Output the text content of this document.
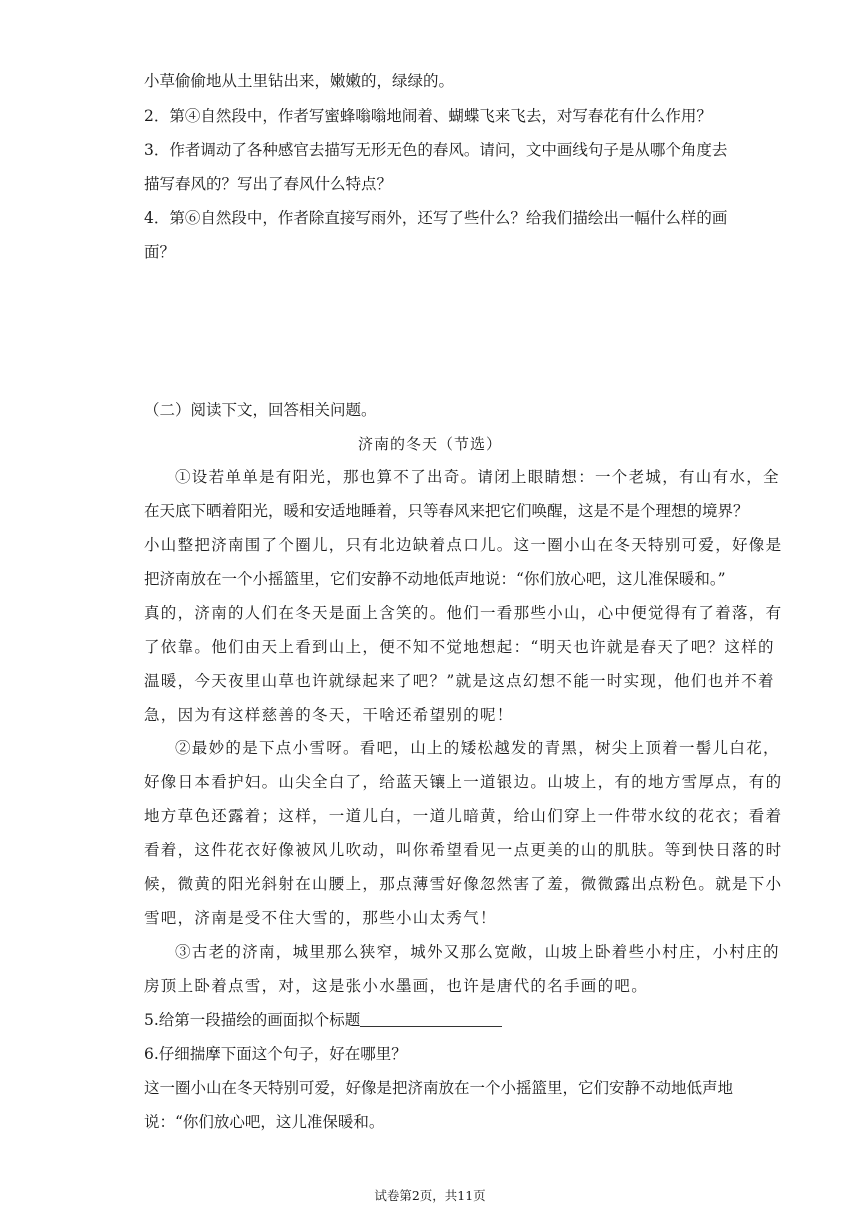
小草偷偷地从土里钻出来，嫩嫩的，绿绿的。
2．第④自然段中，作者写蜜蜂嗡嗡地闹着、蝴蝶飞来飞去，对写春花有什么作用？
3．作者调动了各种感官去描写无形无色的春风。请问，文中画线句子是从哪个角度去
描写春风的？写出了春风什么特点？
4．第⑥自然段中，作者除直接写雨外，还写了些什么？给我们描绘出一幅什么样的画
面？
（二）阅读下文，回答相关问题。
济南的冬天（节选）
①设若单单是有阳光，那也算不了出奇。请闭上眼睛想：一个老城，有山有水，全
在天底下晒着阳光，暖和安适地睡着，只等春风来把它们唤醒，这是不是个理想的境界？
小山整把济南围了个圈儿，只有北边缺着点口儿。这一圈小山在冬天特别可爱，好像是
把济南放在一个小摇篮里，它们安静不动地低声地说：“你们放心吧，这儿准保暖和。”
真的，济南的人们在冬天是面上含笑的。他们一看那些小山，心中便觉得有了着落，有
了依靠。他们由天上看到山上，便不知不觉地想起：“明天也许就是春天了吧？这样的
温暖，今天夜里山草也许就绿起来了吧？”就是这点幻想不能一时实现，他们也并不着
急，因为有这样慈善的冬天，干啥还希望别的呢！
②最妙的是下点小雪呀。看吧，山上的矮松越发的青黑，树尖上顶着一髻儿白花，
好像日本看护妇。山尖全白了，给蓝天镶上一道银边。山坡上，有的地方雪厚点，有的
地方草色还露着；这样，一道儿白，一道儿暗黄，给山们穿上一件带水纹的花衣；看着
看着，这件花衣好像被风儿吹动，叫你希望看见一点更美的山的肌肤。等到快日落的时
候，微黄的阳光斜射在山腰上，那点薄雪好像忽然害了羞，微微露出点粉色。就是下小
雪吧，济南是受不住大雪的，那些小山太秀气！
③古老的济南，城里那么狭窄，城外又那么宽敞，山坡上卧着些小村庄，小村庄的
房顶上卧着点雪，对，这是张小水墨画，也许是唐代的名手画的吧。
5.给第一段描绘的画面拟个标题
6.仔细揣摩下面这个句子，好在哪里？
这一圈小山在冬天特别可爱，好像是把济南放在一个小摇篮里，它们安静不动地低声地
说：“你们放心吧，这儿准保暖和。
试卷第2页，共11页
